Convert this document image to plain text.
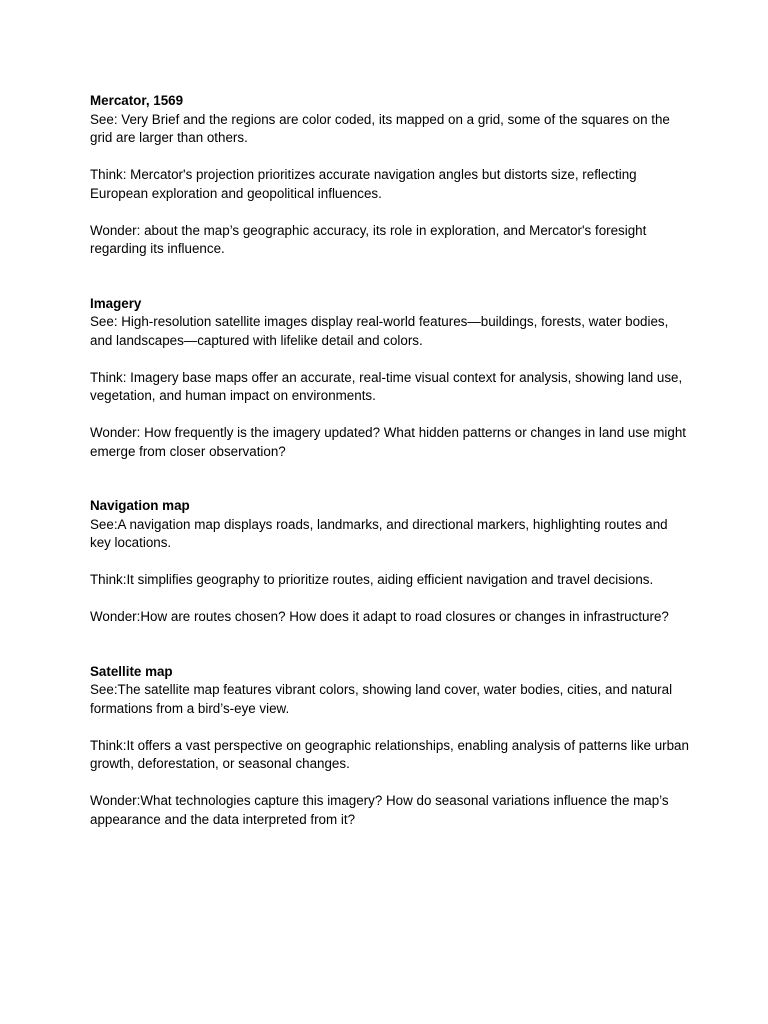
Mercator, 1569

See: Very Brief and the regions are color coded, its mapped on a grid, some of the squares on the grid are larger than others.

Think: Mercator's projection prioritizes accurate navigation angles but distorts size, reflecting European exploration and geopolitical influences.

Wonder: about the map’s geographic accuracy, its role in exploration, and Mercator's foresight regarding its influence.

Imagery

See: High-resolution satellite images display real-world features—buildings, forests, water bodies, and landscapes—captured with lifelike detail and colors.

Think: Imagery base maps offer an accurate, real-time visual context for analysis, showing land use, vegetation, and human impact on environments.

Wonder: How frequently is the imagery updated? What hidden patterns or changes in land use might emerge from closer observation?

Navigation map

See:A navigation map displays roads, landmarks, and directional markers, highlighting routes and key locations.

Think:It simplifies geography to prioritize routes, aiding efficient navigation and travel decisions.

Wonder:How are routes chosen? How does it adapt to road closures or changes in infrastructure?

Satellite map

See:The satellite map features vibrant colors, showing land cover, water bodies, cities, and natural formations from a bird’s-eye view.

Think:It offers a vast perspective on geographic relationships, enabling analysis of patterns like urban growth, deforestation, or seasonal changes.

Wonder:What technologies capture this imagery? How do seasonal variations influence the map’s appearance and the data interpreted from it?
